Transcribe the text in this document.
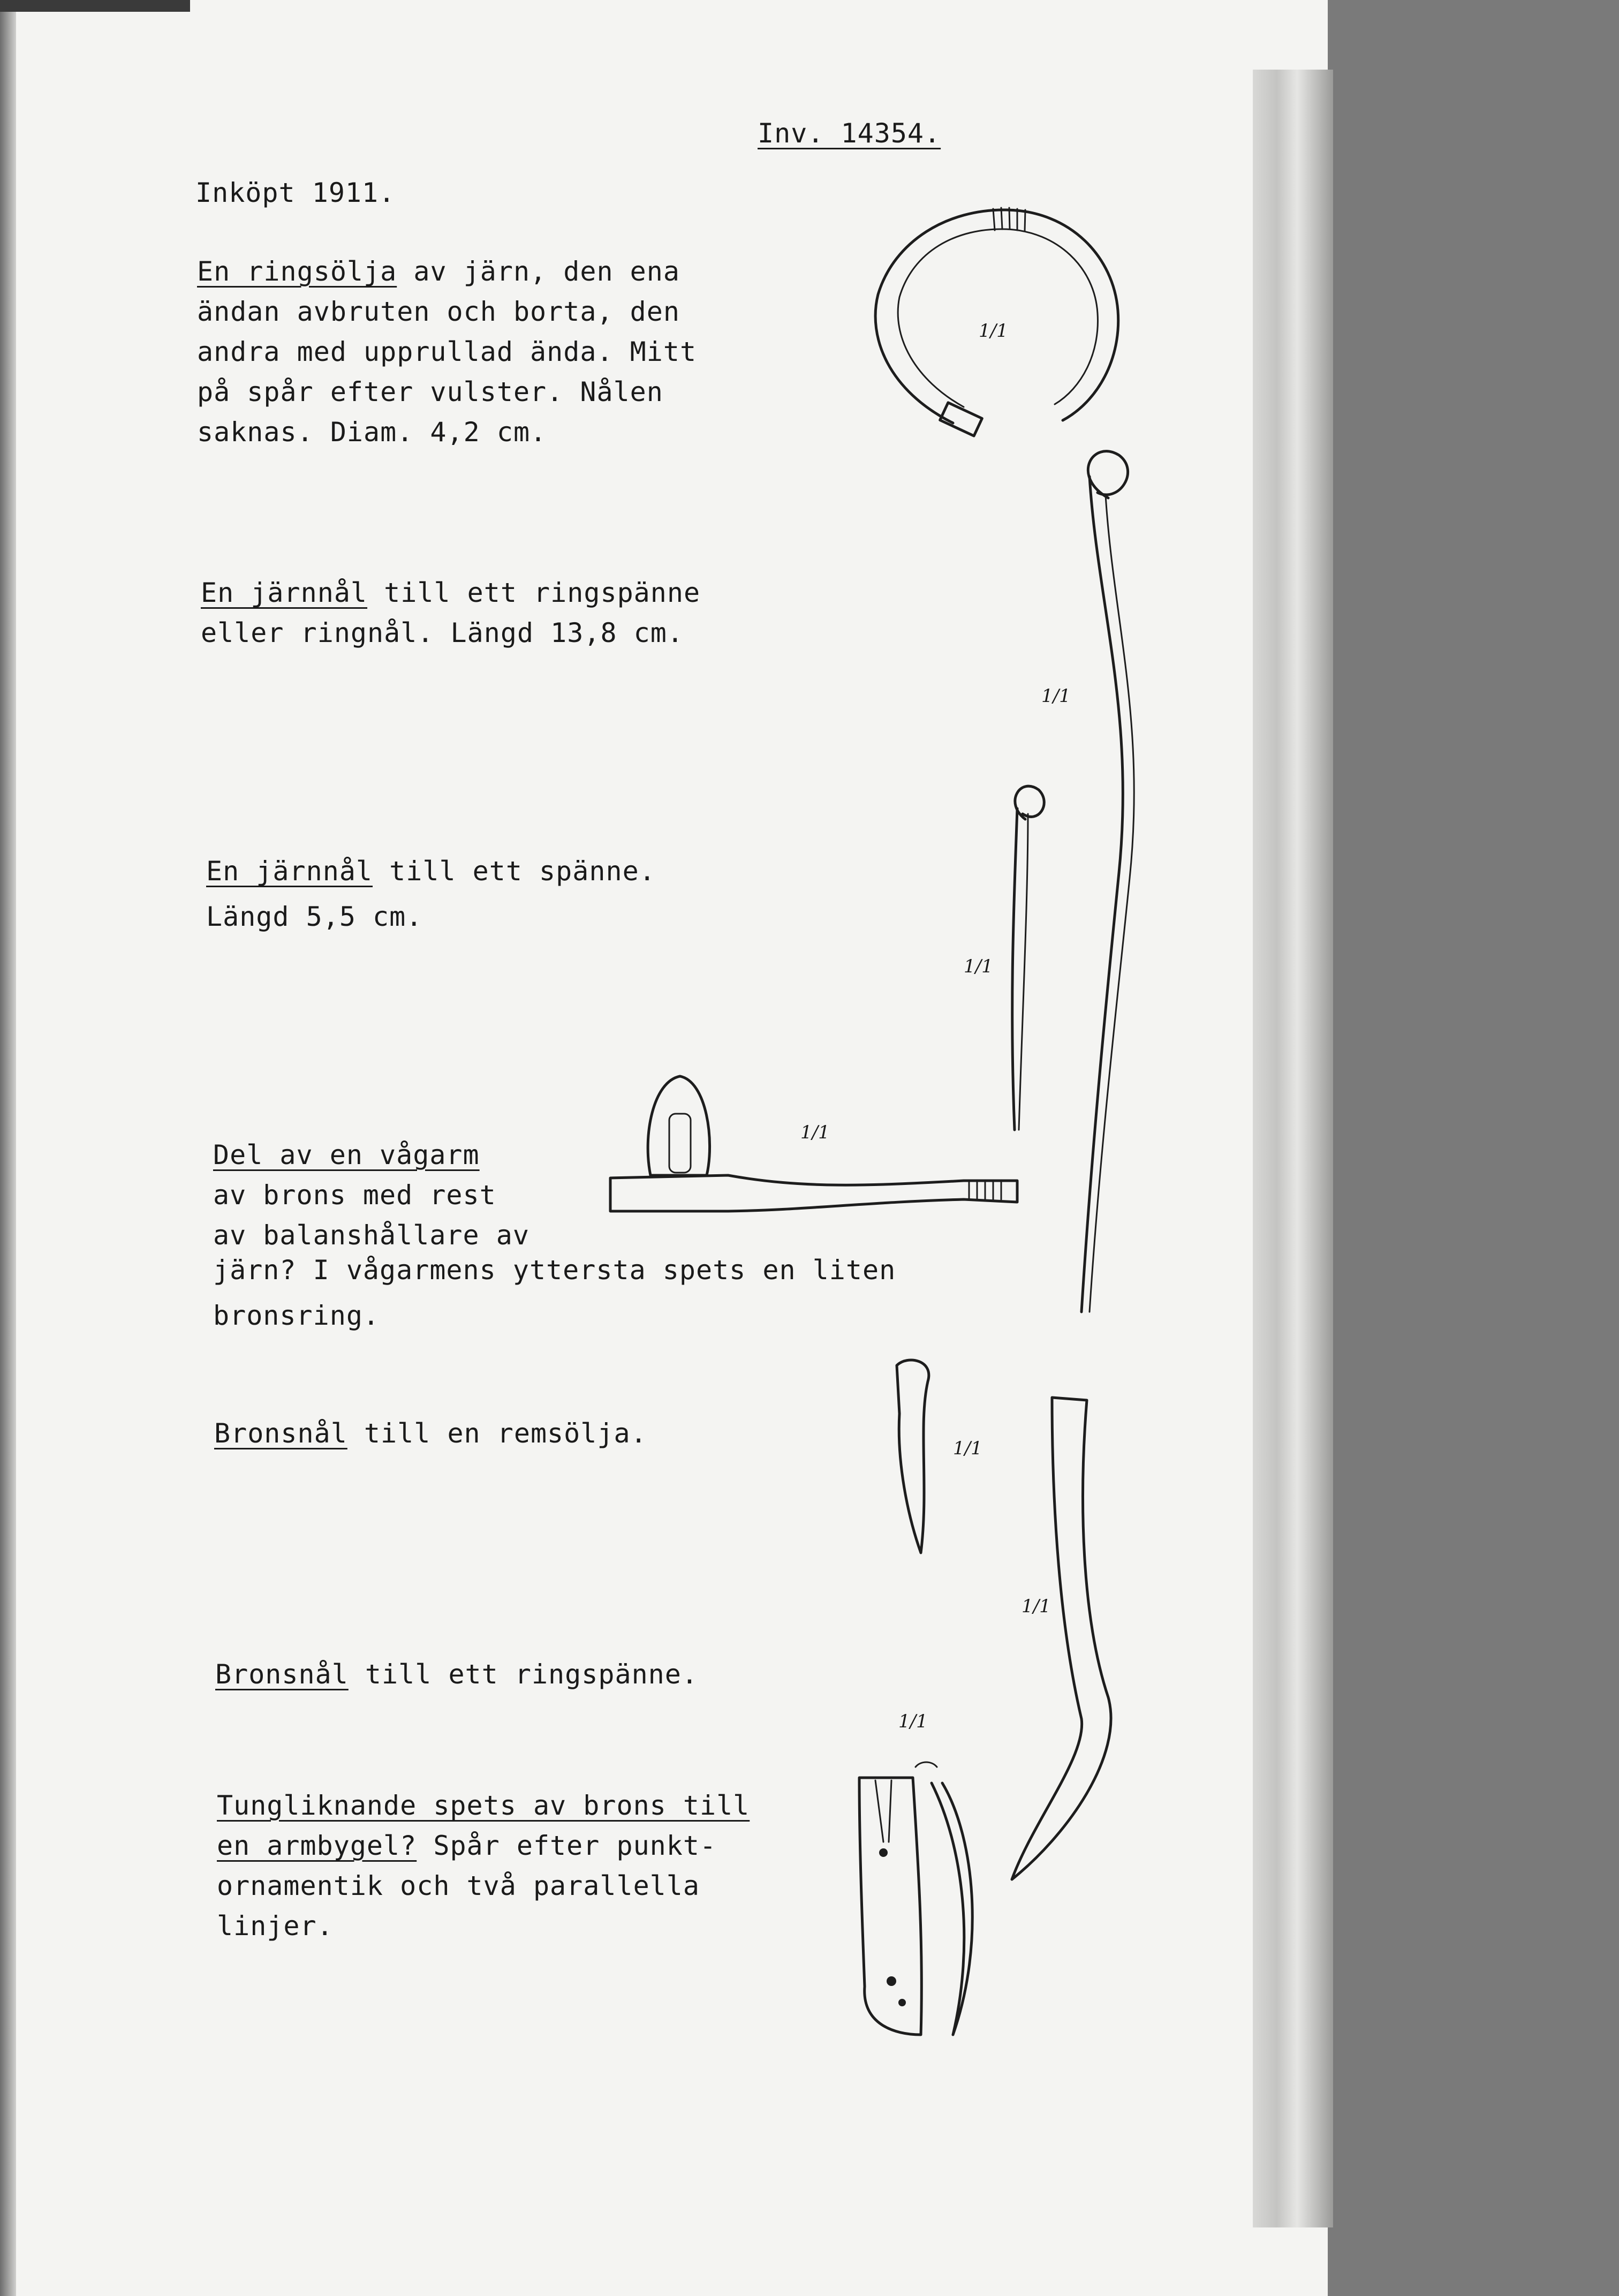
Inv. 14354.
Inköpt 1911.
En ringsölja av järn, den ena
ändan avbruten och borta, den
andra med upprullad ända. Mitt
på spår efter vulster. Nålen
saknas. Diam. 4,2 cm.
En järnnål till ett ringspänne
eller ringnål. Längd 13,8 cm.
En järnnål till ett spänne.
Längd 5,5 cm.
Del av en vågarm
av brons med rest
av balanshållare av
järn? I vågarmens yttersta spets en liten
bronsring.
Bronsnål till en remsölja.
Bronsnål till ett ringspänne.
Tungliknande spets av brons till
en armbygel? Spår efter punkt-
ornamentik och två parallella
linjer.
1/1
1/1
1/1
1/1
1/1
1/1
1/1
